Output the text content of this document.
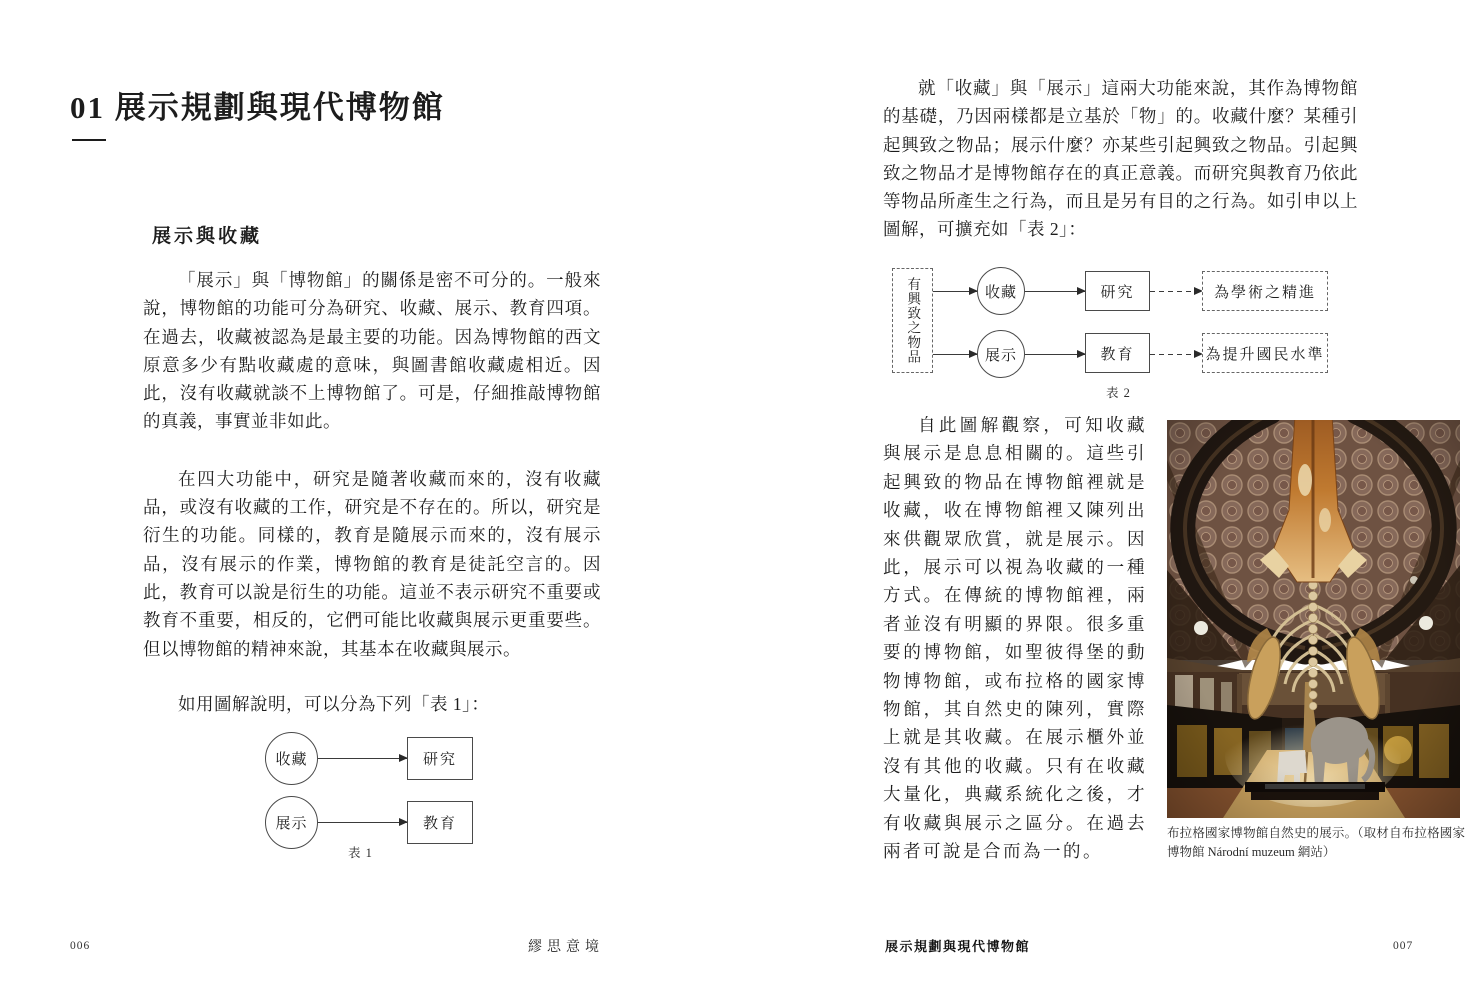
01 展示規劃與現代博物館
展示與收藏

「展示」與「博物館」的關係是密不可分的。一般來說，博物館的功能可分為研究、收藏、展示、教育四項。在過去，收藏被認為是最主要的功能。因為博物館的西文原意多少有點收藏處的意味，與圖書館收藏處相近。因此，沒有收藏就談不上博物館了。可是，仔細推敲博物館的真義，事實並非如此。

在四大功能中，研究是隨著收藏而來的，沒有收藏品，或沒有收藏的工作，研究是不存在的。所以，研究是衍生的功能。同樣的，教育是隨展示而來的，沒有展示品，沒有展示的作業，博物館的教育是徒託空言的。因此，教育可以說是衍生的功能。這並不表示研究不重要或教育不重要，相反的，它們可能比收藏與展示更重要些。但以博物館的精神來說，其基本在收藏與展示。

如用圖解說明，可以分為下列「表 1」：

收藏	研究
展示	教育
表 1
006	繆思意境

就「收藏」與「展示」這兩大功能來說，其作為博物館的基礎，乃因兩樣都是立基於「物」的。收藏什麼？某種引起興致之物品；展示什麼？亦某些引起興致之物品。引起興致之物品才是博物館存在的真正意義。而研究與教育乃依此等物品所產生之行為，而且是另有目的之行為。如引申以上圖解，可擴充如「表 2」：

有興致之物品	收藏	研究	為學術之精進
展示	教育	為提升國民水準
表 2

自此圖解觀察，可知收藏與展示是息息相關的。這些引起興致的物品在博物館裡就是收藏，收在博物館裡又陳列出來供觀眾欣賞，就是展示。因此，展示可以視為收藏的一種方式。在傳統的博物館裡，兩者並沒有明顯的界限。很多重要的博物館，如聖彼得堡的動物博物館，或布拉格的國家博物館，其自然史的陳列，實際上就是其收藏。在展示櫃外並沒有其他的收藏。只有在收藏大量化，典藏系統化之後，才有收藏與展示之區分。在過去兩者可說是合而為一的。

布拉格國家博物館自然史的展示。（取材自布拉格國家博物館 Národní muzeum 網站）
展示規劃與現代博物館	007
